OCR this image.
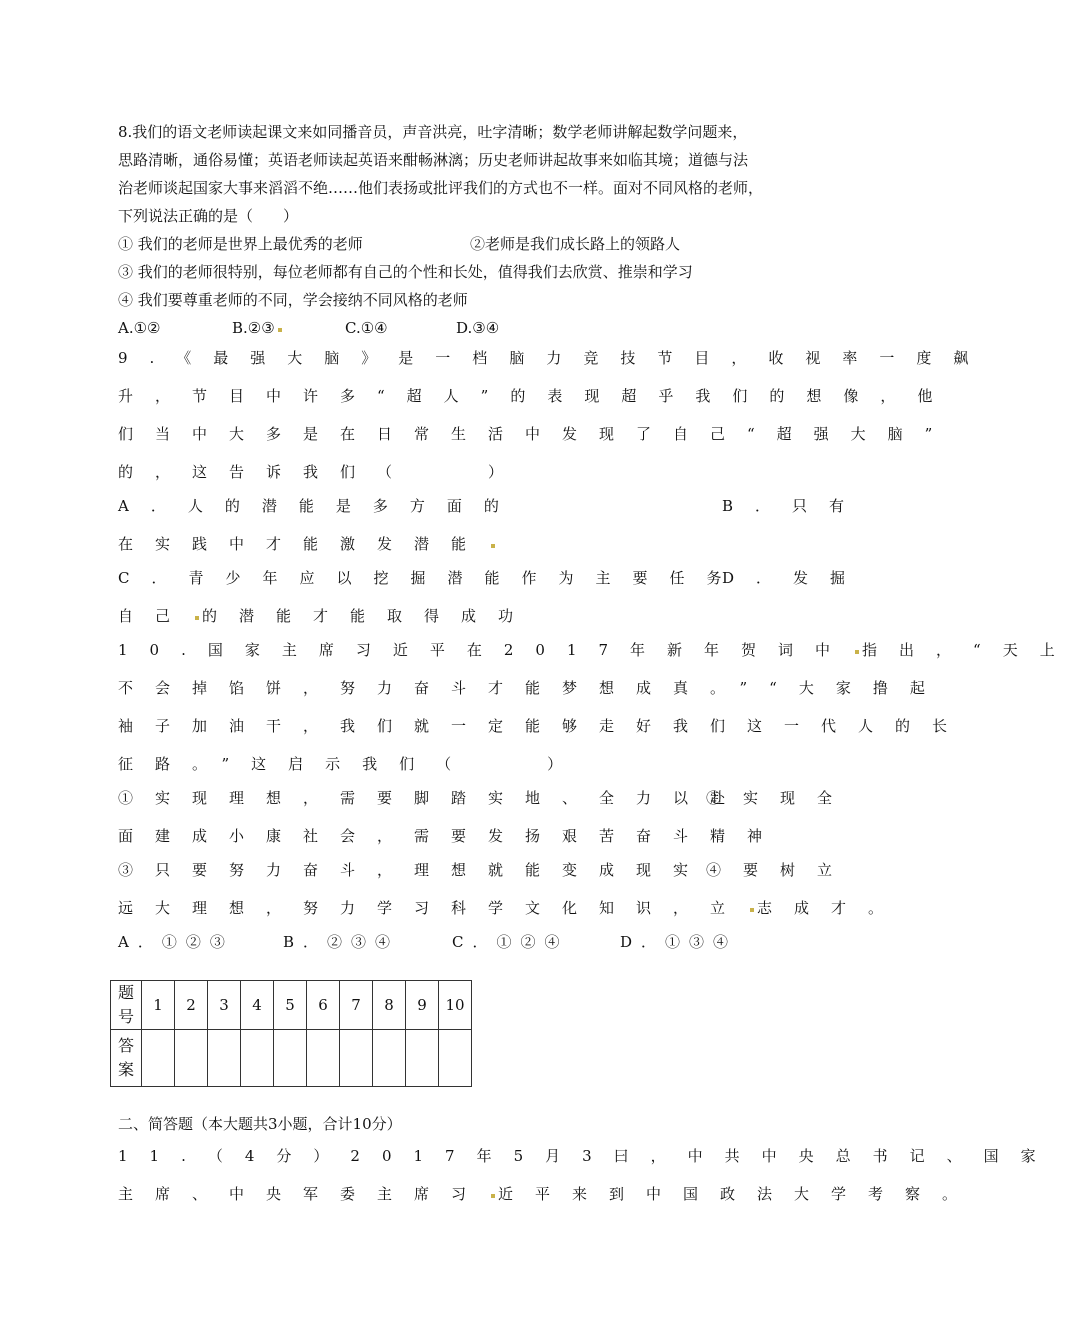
8.我们的语文老师读起课文来如同播音员，声音洪亮，吐字清晰；数学老师讲解起数学问题来，
思路清晰，通俗易懂；英语老师读起英语来酣畅淋漓；历史老师讲起故事来如临其境；道德与法
治老师谈起国家大事来滔滔不绝……他们表扬或批评我们的方式也不一样。面对不同风格的老师，
下列说法正确的是（　　）
① 我们的老师是世界上最优秀的老师	②老师是我们成长路上的领路人
③ 我们的老师很特别，每位老师都有自己的个性和长处，值得我们去欣赏、推崇和学习
④ 我们要尊重老师的不同，学会接纳不同风格的老师
A.①②	B.②③	C.①④	D.③④
9.《最强大脑》是一档脑力竞技节目，收视率一度飙
升，节目中许多“超人”的表现超乎我们的想像，他
们当中大多是在日常生活中发现了自己“超强大脑”
的，这告诉我们（　　）
A．人的潜能是多方面的	B．只有
在实践中才能激发潜能
C．青少年应以挖掘潜能作为主要任务
D．发掘
自己 的潜能才能取得成功
10.国家主席习近平在2017年新年贺词中 指出，“天上
不会掉馅饼，努力奋斗才能梦想成真。”“大家撸起
袖子加油干，我们就一定能够走好我们这一代人的长
征路。”这启示我们（　　）
①实现理想，需要脚踏实地、全力以赴
②实现全
面建成小康社会，需要发扬艰苦奋斗精神
③只要努力奋斗，理想就能变成现实
④要树立
远大理想，努力学习科学文化知识，立 志成才。
A．①②③	B．②③④	C．①②④	D．①③④
题号	1	2	3	4	5	6	7	8	9	10
答案										
二、简答题（本大题共3小题，合计10分）
11.（4分）2017年5月3曰，中共中央总书记、国家
主席、中央军委主席习 近平来到中国政法大学考察。
